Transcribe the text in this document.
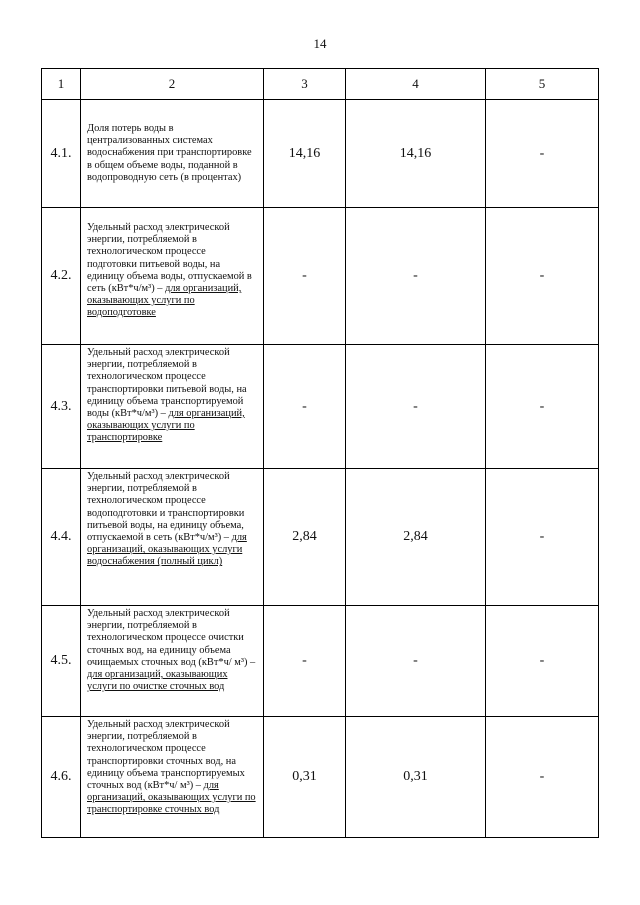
14
1	2	3	4	5
4.1.	Доля потерь воды в централизованных системах водоснабжения при транспортировке в общем объеме воды, поданной в водопроводную сеть (в процентах)	14,16	14,16	-
4.2.	Удельный расход электрической энергии, потребляемой в технологическом процессе подготовки питьевой воды, на единицу объема воды, отпускаемой в сеть (кВт*ч/м³) – для организаций, оказывающих услуги по водоподготовке	-	-	-
4.3.	Удельный расход электрической энергии, потребляемой в технологическом процессе транспортировки питьевой воды, на единицу объема транспортируемой воды (кВт*ч/м³) – для организаций, оказывающих услуги по транспортировке	-	-	-
4.4.	Удельный расход электрической энергии, потребляемой в технологическом процессе водоподготовки и транспортировки питьевой воды, на единицу объема, отпускаемой в сеть (кВт*ч/м³) – для организаций, оказывающих услуги водоснабжения (полный цикл)	2,84	2,84	-
4.5.	Удельный расход электрической энергии, потребляемой в технологическом процессе очистки сточных вод, на единицу объема очищаемых сточных вод (кВт*ч/ м³) – для организаций, оказывающих услуги по очистке сточных вод	-	-	-
4.6.	Удельный расход электрической энергии, потребляемой в технологическом процессе транспортировки сточных вод, на единицу объема транспортируемых сточных вод (кВт*ч/ м³) – для организаций, оказывающих услуги по транспортировке сточных вод	0,31	0,31	-
